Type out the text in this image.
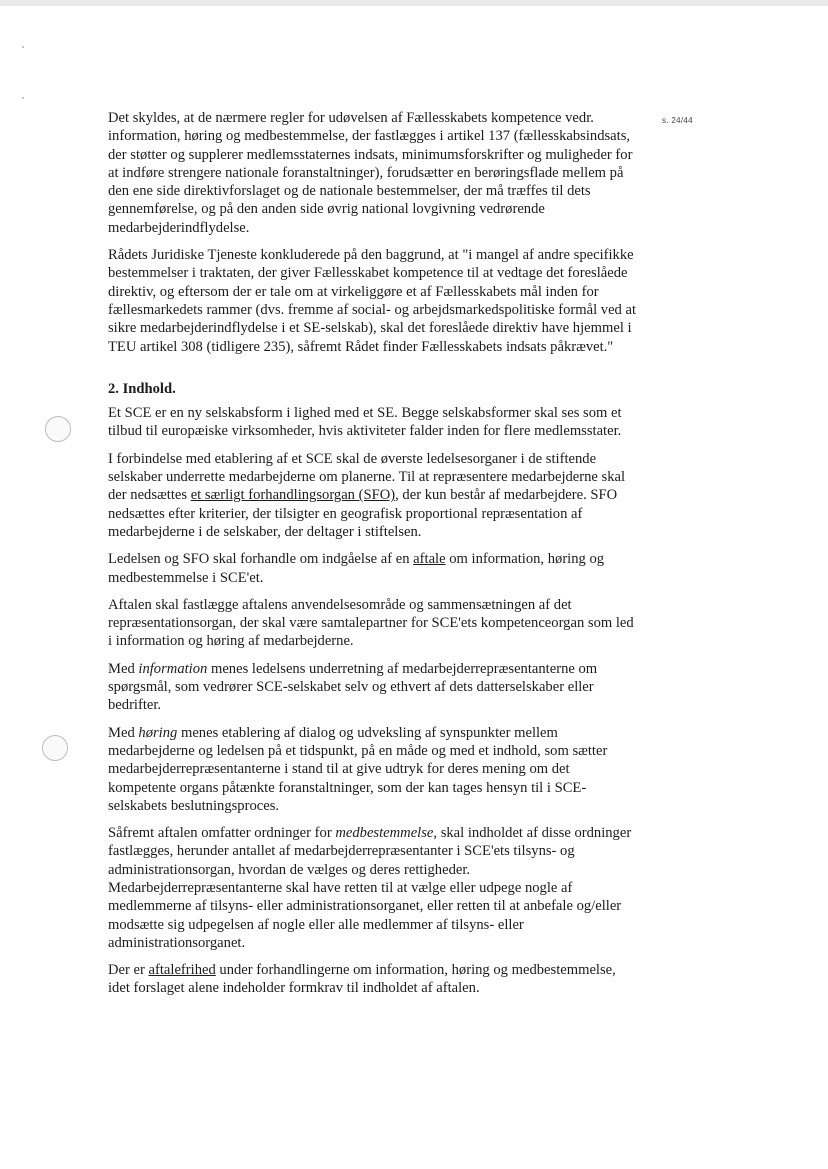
s. 24/44

Det skyldes, at de nærmere regler for udøvelsen af Fællesskabets kompetence vedr. information, høring og medbestemmelse, der fastlægges i artikel 137 (fællesskabsindsats, der støtter og supplerer medlemsstaternes indsats, minimumsforskrifter og muligheder for at indføre strengere nationale foranstaltninger), forudsætter en berøringsflade mellem på den ene side direktivforslaget og de nationale bestemmelser, der må træffes til dets gennemførelse, og på den anden side øvrig national lovgivning vedrørende medarbejderindflydelse.

Rådets Juridiske Tjeneste konkluderede på den baggrund, at "i mangel af andre specifikke bestemmelser i traktaten, der giver Fællesskabet kompetence til at vedtage det foreslåede direktiv, og eftersom der er tale om at virkeliggøre et af Fællesskabets mål inden for fællesmarkedets rammer (dvs. fremme af social- og arbejdsmarkedspolitiske formål ved at sikre medarbejderindflydelse i et SE-selskab), skal det foreslåede direktiv have hjemmel i TEU artikel 308 (tidligere 235), såfremt Rådet finder Fællesskabets indsats påkrævet."

2. Indhold.

Et SCE er en ny selskabsform i lighed med et SE. Begge selskabsformer skal ses som et tilbud til europæiske virksomheder, hvis aktiviteter falder inden for flere medlemsstater.

I forbindelse med etablering af et SCE skal de øverste ledelsesorganer i de stiftende selskaber underrette medarbejderne om planerne. Til at repræsentere medarbejderne skal der nedsættes et særligt forhandlingsorgan (SFO), der kun består af medarbejdere. SFO nedsættes efter kriterier, der tilsigter en geografisk proportional repræsentation af medarbejderne i de selskaber, der deltager i stiftelsen.

Ledelsen og SFO skal forhandle om indgåelse af en aftale om information, høring og medbestemmelse i SCE'et.

Aftalen skal fastlægge aftalens anvendelsesområde og sammensætningen af det repræsentationsorgan, der skal være samtalepartner for SCE'ets kompetenceorgan som led i information og høring af medarbejderne.

Med information menes ledelsens underretning af medarbejderrepræsentanterne om spørgsmål, som vedrører SCE-selskabet selv og ethvert af dets datterselskaber eller bedrifter.

Med høring menes etablering af dialog og udveksling af synspunkter mellem medarbejderne og ledelsen på et tidspunkt, på en måde og med et indhold, som sætter medarbejderrepræsentanterne i stand til at give udtryk for deres mening om det kompetente organs påtænkte foranstaltninger, som der kan tages hensyn til i SCE-selskabets beslutningsproces.

Såfremt aftalen omfatter ordninger for medbestemmelse, skal indholdet af disse ordninger fastlægges, herunder antallet af medarbejderrepræsentanter i SCE'ets tilsyns- og administrationsorgan, hvordan de vælges og deres rettigheder. Medarbejderrepræsentanterne skal have retten til at vælge eller udpege nogle af medlemmerne af tilsyns- eller administrationsorganet, eller retten til at anbefale og/eller modsætte sig udpegelsen af nogle eller alle medlemmer af tilsyns- eller administrationsorganet.

Der er aftalefrihed under forhandlingerne om information, høring og medbestemmelse, idet forslaget alene indeholder formkrav til indholdet af aftalen.
